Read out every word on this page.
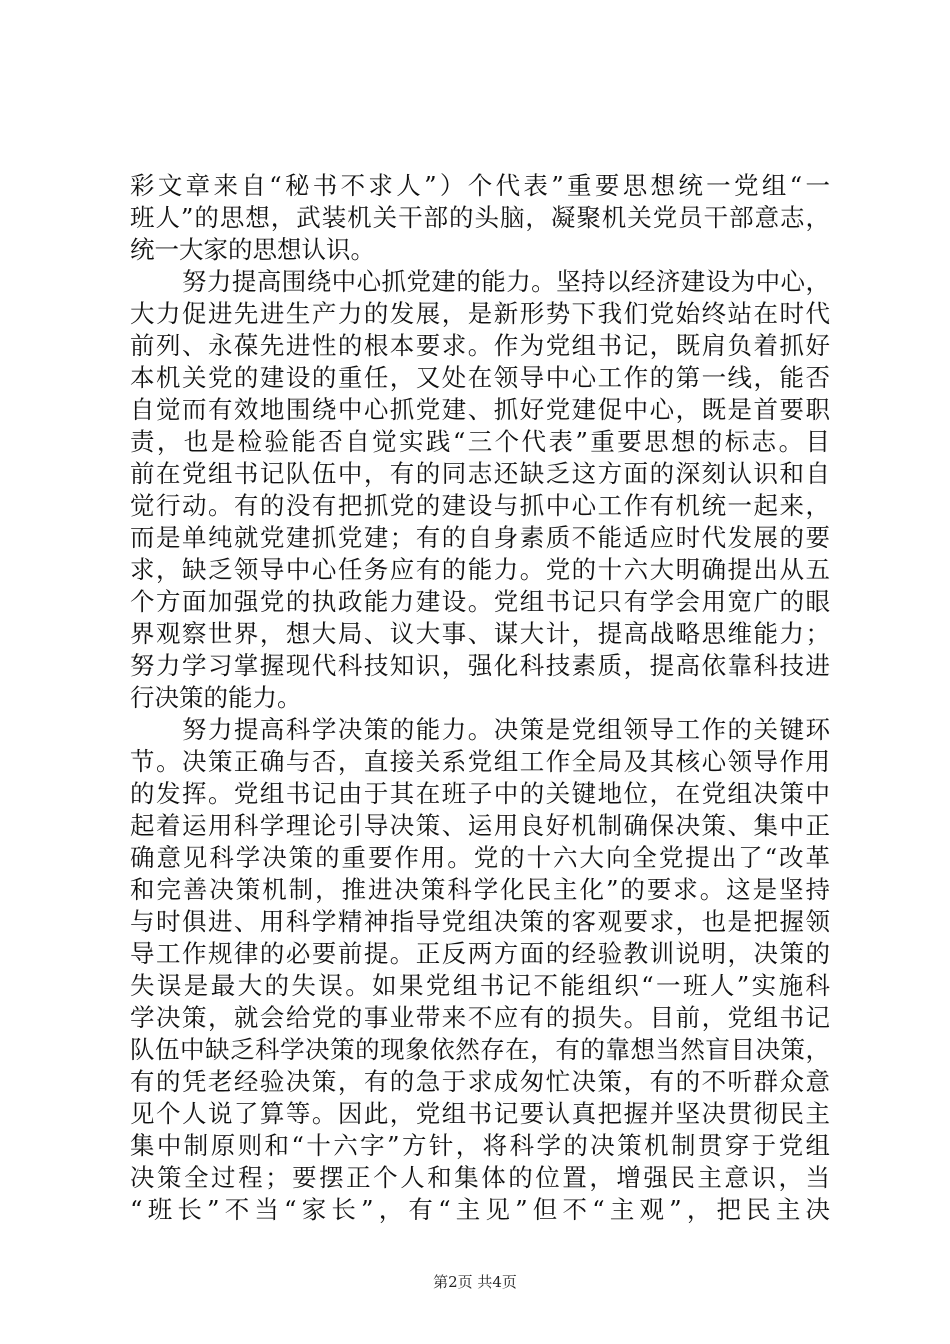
彩文章来自“秘书不求人”）个代表”重要思想统一党组“一
班人”的思想，武装机关干部的头脑，凝聚机关党员干部意志，
统一大家的思想认识。
努力提高围绕中心抓党建的能力。坚持以经济建设为中心，
大力促进先进生产力的发展，是新形势下我们党始终站在时代
前列、永葆先进性的根本要求。作为党组书记，既肩负着抓好
本机关党的建设的重任，又处在领导中心工作的第一线，能否
自觉而有效地围绕中心抓党建、抓好党建促中心，既是首要职
责，也是检验能否自觉实践“三个代表”重要思想的标志。目
前在党组书记队伍中，有的同志还缺乏这方面的深刻认识和自
觉行动。有的没有把抓党的建设与抓中心工作有机统一起来，
而是单纯就党建抓党建；有的自身素质不能适应时代发展的要
求，缺乏领导中心任务应有的能力。党的十六大明确提出从五
个方面加强党的执政能力建设。党组书记只有学会用宽广的眼
界观察世界，想大局、议大事、谋大计，提高战略思维能力；
努力学习掌握现代科技知识，强化科技素质，提高依靠科技进
行决策的能力。
努力提高科学决策的能力。决策是党组领导工作的关键环
节。决策正确与否，直接关系党组工作全局及其核心领导作用
的发挥。党组书记由于其在班子中的关键地位，在党组决策中
起着运用科学理论引导决策、运用良好机制确保决策、集中正
确意见科学决策的重要作用。党的十六大向全党提出了“改革
和完善决策机制，推进决策科学化民主化”的要求。这是坚持
与时俱进、用科学精神指导党组决策的客观要求，也是把握领
导工作规律的必要前提。正反两方面的经验教训说明，决策的
失误是最大的失误。如果党组书记不能组织“一班人”实施科
学决策，就会给党的事业带来不应有的损失。目前，党组书记
队伍中缺乏科学决策的现象依然存在，有的靠想当然盲目决策，
有的凭老经验决策，有的急于求成匆忙决策，有的不听群众意
见个人说了算等。因此，党组书记要认真把握并坚决贯彻民主
集中制原则和“十六字”方针，将科学的决策机制贯穿于党组
决策全过程；要摆正个人和集体的位置，增强民主意识，当
“班长”不当“家长”，有“主见”但不“主观”，把民主决
第2页 共4页
